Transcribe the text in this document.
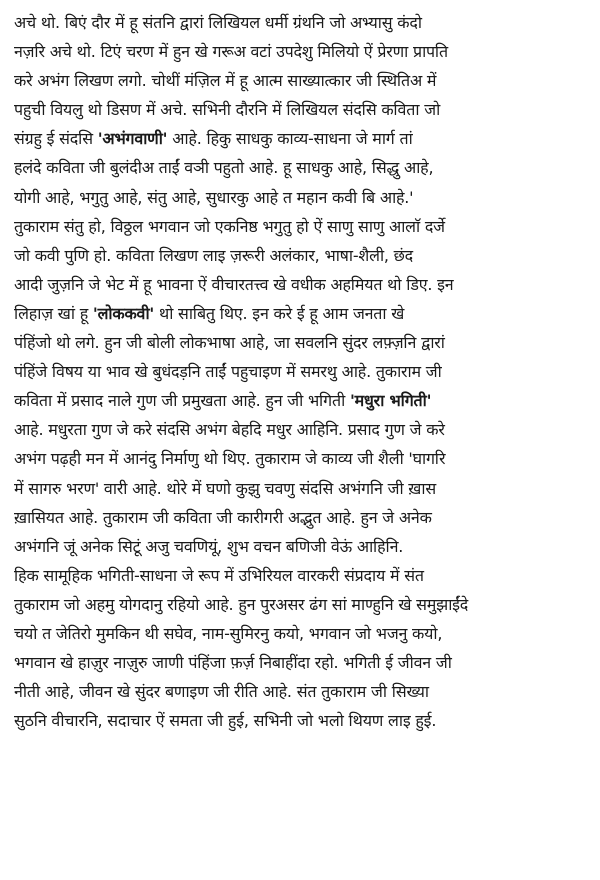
अचे थो. बिएं दौर में हू संतनि द्वारां लिखियल धर्मी ग्रंथनि जो अभ्यासु कंदो
नज़रि अचे थो. टिएं चरण में हुन खे गरूअ वटां उपदेशु मिलियो ऐं प्रेरणा प्रापति
करे अभंग लिखण लगो. चोथीं मंज़िल में हू आत्म साख्यात्कार जी स्थितिअ में
पहुची वियलु थो डिसण में अचे. सभिनी दौरनि में लिखियल संदसि कविता जो
संग्रहु ई संदसि 'अभंगवाणी' आहे. हिकु साधकु काव्य-साधना जे मार्ग तां
हलंदे कविता जी बुलंदीअ ताईं वञी पहुतो आहे. हू साधकु आहे, सिद्धु आहे,
योगी आहे, भगुतु आहे, संतु आहे, सुधारकु आहे त महान कवी बि आहे.'
तुकाराम संतु हो, विठ्ठल भगवान जो एकनिष्ठ भगुतु हो ऐं साणु साणु आलाॅ दर्जे
जो कवी पुणि हो. कविता लिखण लाइ ज़रूरी अलंकार, भाषा-शैली, छंद
आदी जुज़नि जे भेट में हू भावना ऐं वीचारतत्त्व खे वधीक अहमियत थो डिए. इन
लिहाज़ खां हू 'लोककवी' थो साबितु थिए. इन करे ई हू आम जनता खे
पंहिंजो थो लगे. हुन जी बोली लोकभाषा आहे, जा सवलनि सुंदर लफ़्ज़नि द्वारां
पंहिंजे विषय या भाव खे बुधंदड़नि ताईं पहुचाइण में समरथु आहे. तुकाराम जी
कविता में प्रसाद नाले गुण जी प्रमुखता आहे. हुन जी भगिती 'मधुरा भगिती'
आहे. मधुरता गुण जे करे संदसि अभंग बेहदि मधुर आहिनि. प्रसाद गुण जे करे
अभंग पढ़ही मन में आनंदु निर्माणु थो थिए. तुकाराम जे काव्य जी शैली 'घागरि
में सागरु भरण' वारी आहे. थोरे में घणो कुझु चवणु संदसि अभंगनि जी ख़ास
ख़ासियत आहे. तुकाराम जी कविता जी कारीगरी अद्भुत आहे. हुन जे अनेक
अभंगनि जूं अनेक सिटूं अजु चवणियूं, शुभ वचन बणिजी वेऊं आहिनि.
हिक सामूहिक भगिती-साधना जे रूप में उभिरियल वारकरी संप्रदाय में संत
तुकाराम जो अहमु योगदानु रहियो आहे. हुन पुरअसर ढंग सां माण्हुनि खे समुझाईंदे
चयो त जेतिरो मुमकिन थी सघेव, नाम-सुमिरनु कयो, भगवान जो भजनु कयो,
भगवान खे हाज़ुर नाज़ुरु जाणी पंहिंजा फ़र्ज़ निबाहींदा रहो. भगिती ई जीवन जी
नीती आहे, जीवन खे सुंदर बणाइण जी रीति आहे. संत तुकाराम जी सिख्या
सुठनि वीचारनि, सदाचार ऐं समता जी हुई, सभिनी जो भलो थियण लाइ हुई.
